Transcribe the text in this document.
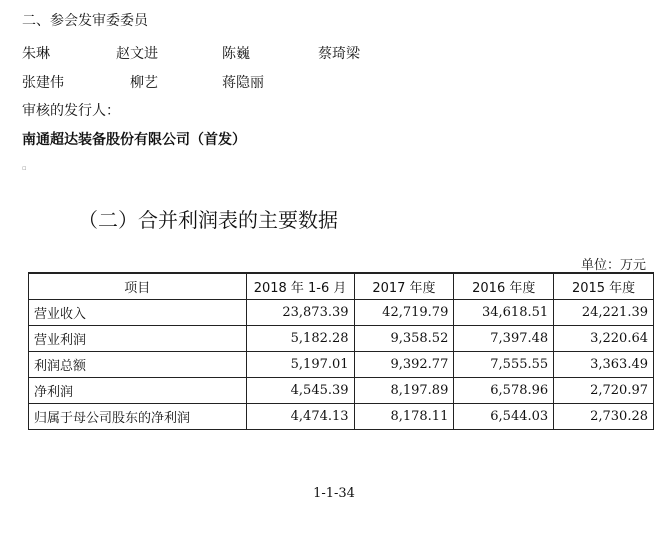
二、参会发审委委员
朱琳	赵文进	陈巍	蔡琦梁
张建伟	柳艺	蒋隐丽
审核的发行人：
南通超达装备股份有限公司（首发）
▫
（二）合并利润表的主要数据
单位：万元
项目	2018 年 1-6 月	2017 年度	2016 年度	2015 年度
营业收入	23,873.39	42,719.79	34,618.51	24,221.39
营业利润	5,182.28	9,358.52	7,397.48	3,220.64
利润总额	5,197.01	9,392.77	7,555.55	3,363.49
净利润	4,545.39	8,197.89	6,578.96	2,720.97
归属于母公司股东的净利润	4,474.13	8,178.11	6,544.03	2,730.28
1-1-34
